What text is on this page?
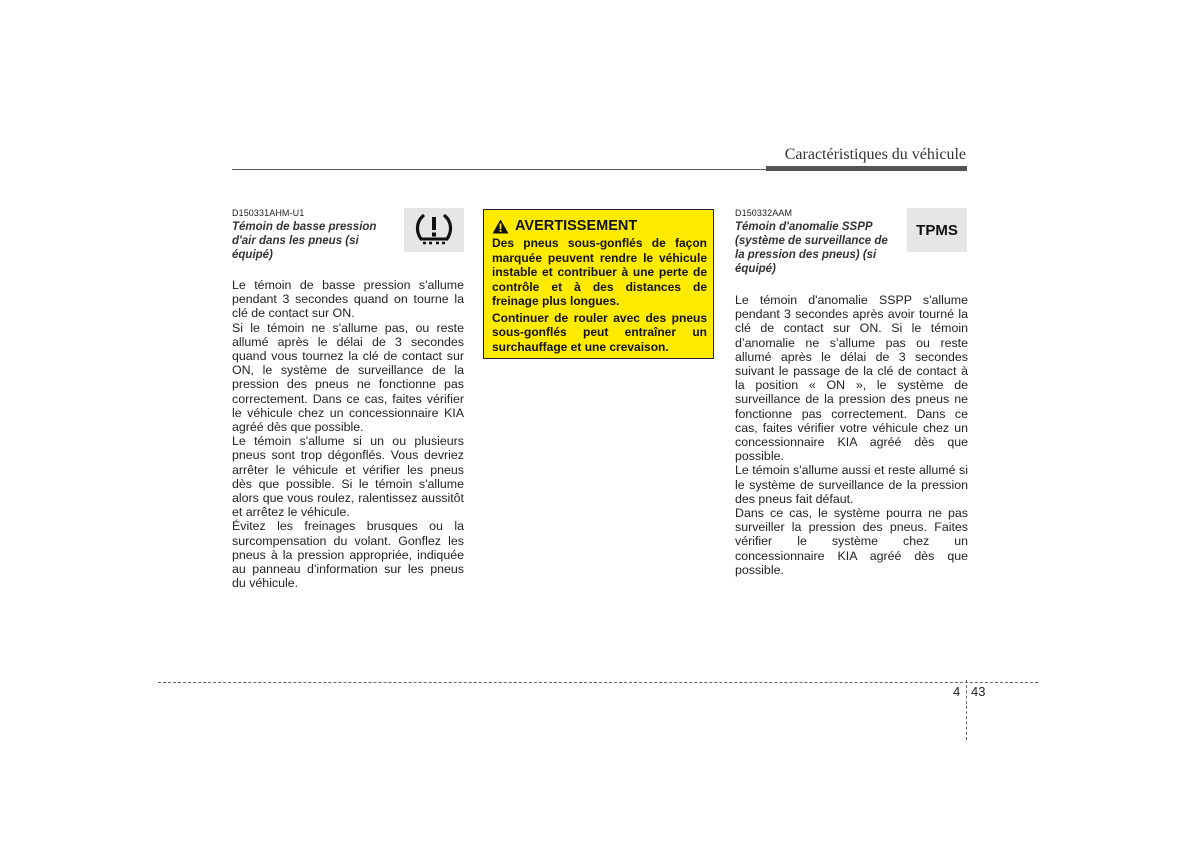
Caractéristiques du véhicule
D150331AHM-U1
Témoin de basse pression d'air dans les pneus (si équipé)

Le témoin de basse pression s'allume pendant 3 secondes quand on tourne la clé de contact sur ON.

Si le témoin ne s'allume pas, ou reste allumé après le délai de 3 secondes quand vous tournez la clé de contact sur ON, le système de surveillance de la pression des pneus ne fonctionne pas correctement. Dans ce cas, faites vérifier le véhicule chez un concessionnaire KIA agréé dès que possible.

Le témoin s'allume si un ou plusieurs pneus sont trop dégonflés. Vous devriez arrêter le véhicule et vérifier les pneus dès que possible. Si le témoin s'allume alors que vous roulez, ralentissez aussitôt et arrêtez le véhicule.

Évitez les freinages brusques ou la surcompensation du volant. Gonflez les pneus à la pression appropriée, indiquée au panneau d'information sur les pneus du véhicule.

AVERTISSEMENT

Des pneus sous-gonflés de façon marquée peuvent rendre le véhicule instable et contribuer à une perte de contrôle et à des distances de freinage plus longues.

Continuer de rouler avec des pneus sous-gonflés peut entraîner un surchauffage et une crevaison.

D150332AAM
Témoin d'anomalie SSPP (système de surveillance de la pression des pneus) (si équipé)

Le témoin d'anomalie SSPP s'allume pendant 3 secondes après avoir tourné la clé de contact sur ON. Si le témoin d’anomalie ne s’allume pas ou reste allumé après le délai de 3 secondes suivant le passage de la clé de contact à la position « ON », le système de surveillance de la pression des pneus ne fonctionne pas correctement. Dans ce cas, faites vérifier votre véhicule chez un concessionnaire KIA agréé dès que possible.

Le témoin s'allume aussi et reste allumé si le système de surveillance de la pression des pneus fait défaut.

Dans ce cas, le système pourra ne pas surveiller la pression des pneus. Faites vérifier le système chez un concessionnaire KIA agréé dès que possible.

TPMS
4 43
